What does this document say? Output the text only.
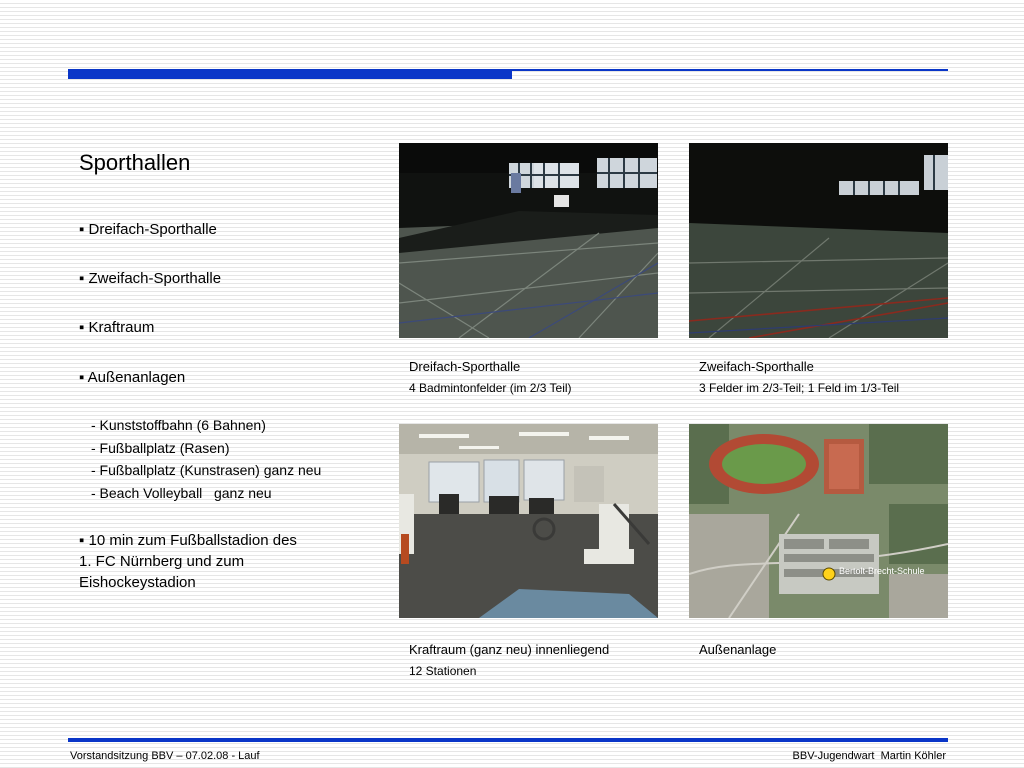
Sporthallen
▪ Dreifach-Sporthalle
▪ Zweifach-Sporthalle
▪ Kraftraum
▪ Außenanlagen
- Kunststoffbahn (6 Bahnen)
- Fußballplatz (Rasen)
- Fußballplatz (Kunstrasen) ganz neu
- Beach Volleyball   ganz neu
▪ 10 min zum Fußballstadion des
1. FC Nürnberg und zum
Eishockeystadion
Dreifach-Sporthalle
4 Badmintonfelder (im 2/3 Teil)
Zweifach-Sporthalle
3 Felder im 2/3-Teil; 1 Feld im 1/3-Teil
Bertolt-Brecht-Schule
Kraftraum (ganz neu) innenliegend
12 Stationen
Außenanlage
Vorstandsitzung BBV – 07.02.08 - Lauf	BBV-Jugendwart  Martin Köhler
